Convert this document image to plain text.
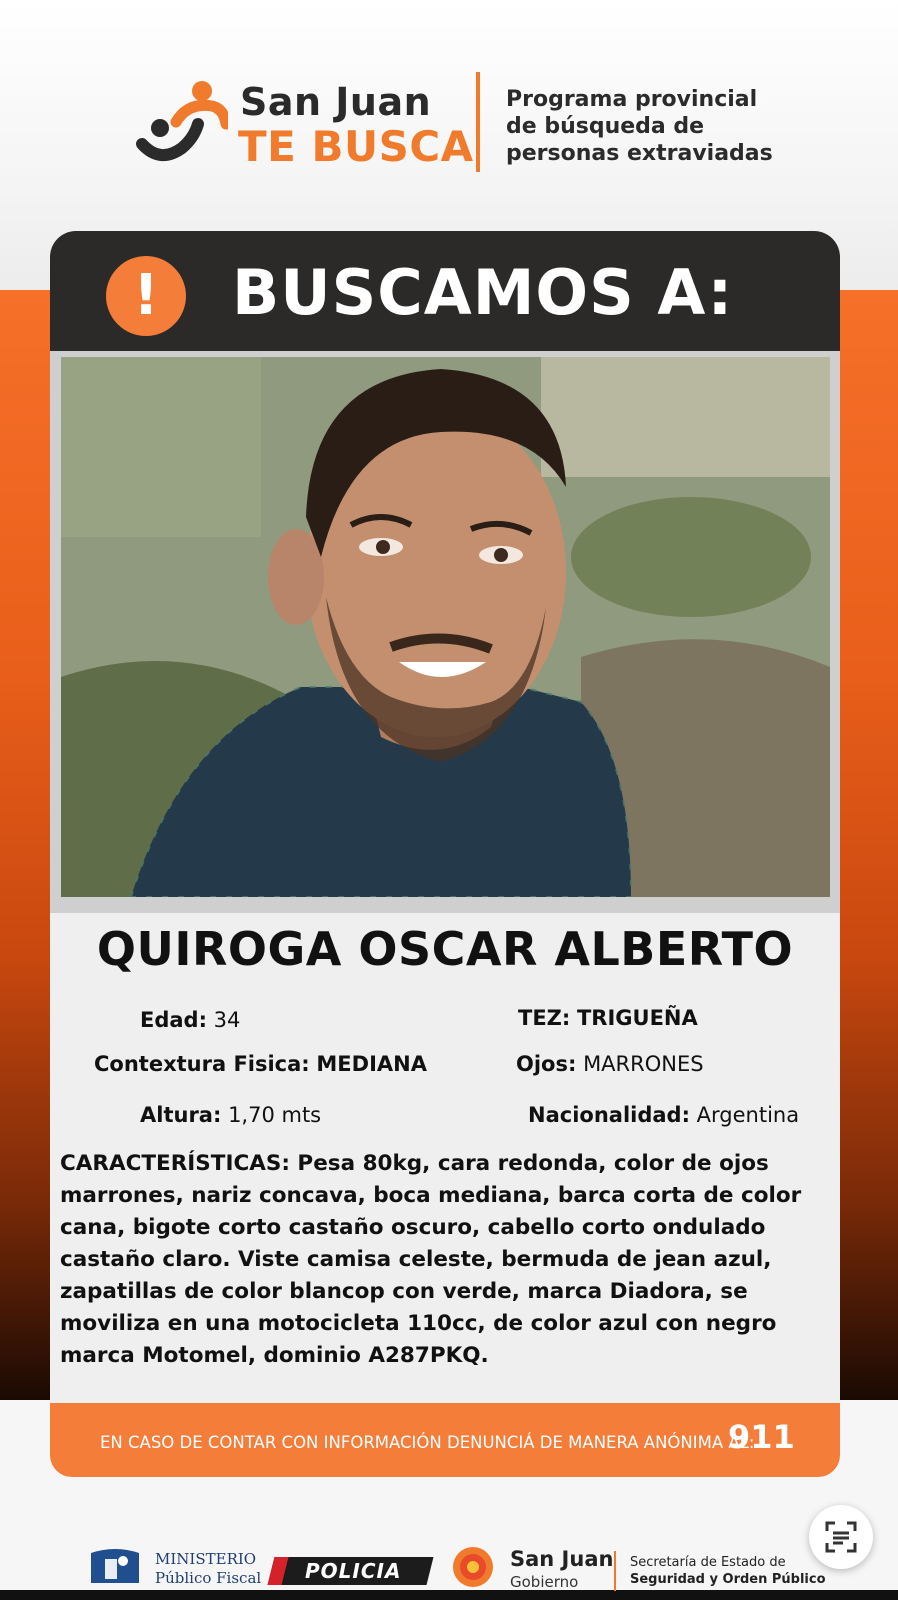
San Juan
TE BUSCA
Programa provincial
de búsqueda de
personas extraviadas
!	BUSCAMOS A:
QUIROGA OSCAR ALBERTO
Edad: 34	TEZ: TRIGUEÑA
Contextura Fisica: MEDIANA	Ojos: MARRONES
Altura: 1,70 mts	Nacionalidad: Argentina
CARACTERÍSTICAS: Pesa 80kg, cara redonda, color de ojos marrones, nariz concava, boca mediana, barca corta de color cana, bigote corto castaño oscuro, cabello corto ondulado castaño claro. Viste camisa celeste, bermuda de jean azul, zapatillas de color blancop con verde, marca Diadora, se moviliza en una motocicleta 110cc, de color azul con negro marca Motomel, dominio A287PKQ.
EN CASO DE CONTAR CON INFORMACIÓN DENUNCIÁ DE MANERA ANÓNIMA AL:
911
MINISTERIO
Público Fiscal POLICIA	San Juan
Gobierno
Secretaría de Estado de
Seguridad y Orden Público
